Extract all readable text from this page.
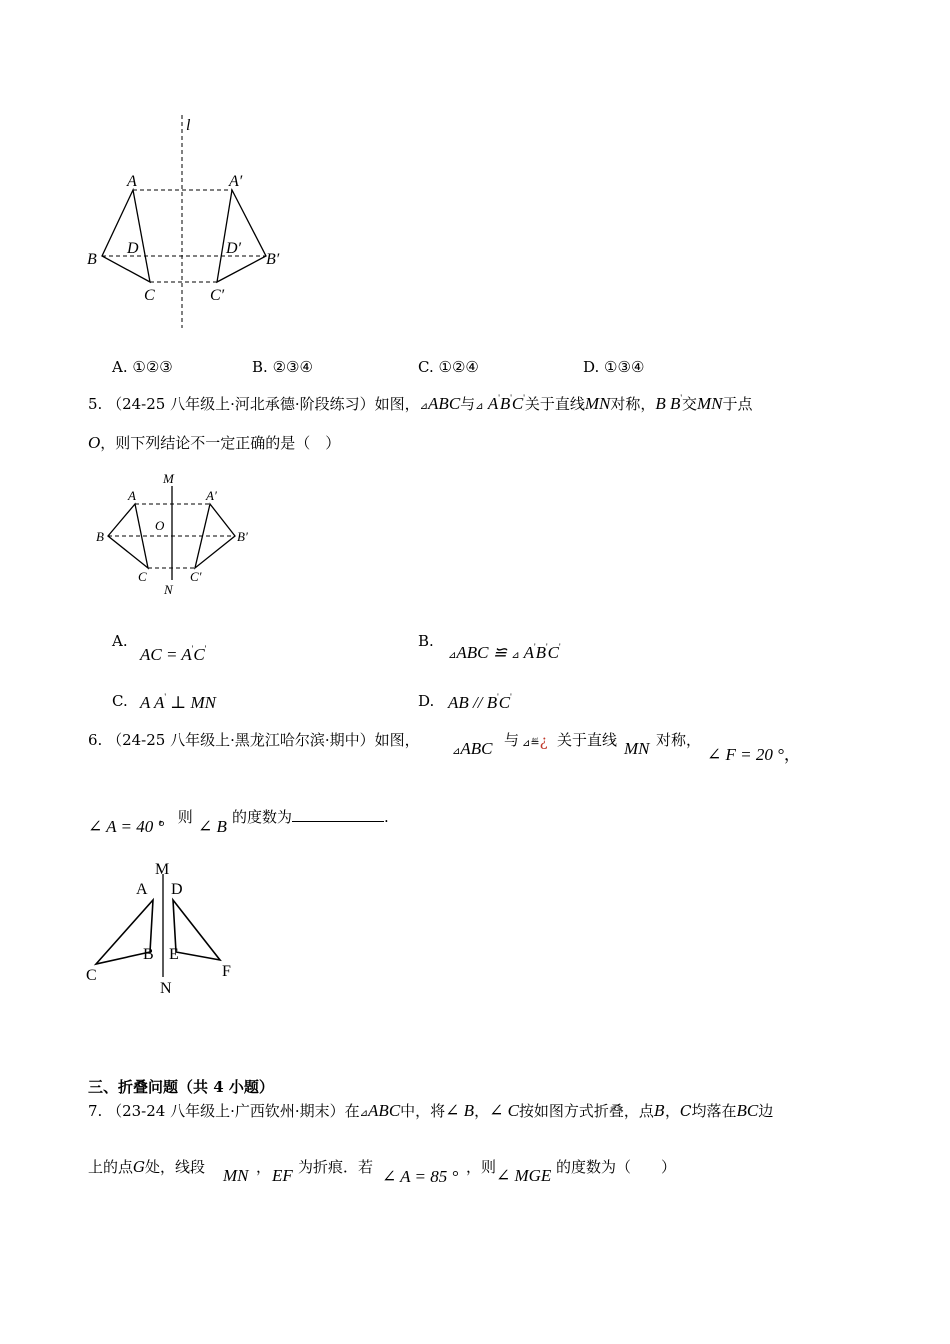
l
A	A′
D	D′
B	B′
C	C′
A. ①②③	B. ②③④	C. ①②④	D. ①③④
5. （24-25 八年级上·河北承德·阶段练习）如图，⊿ABC与⊿ A'B'C'关于直线MN对称，B B'交MN于点
O，则下列结论不一定正确的是（　）
M
A	A′
O
B	B′
C	C′
N
A.
AC = A'C'	B.
⊿ABC ≌ ⊿ A'B'C'
C. A A' ⊥ MN	D. AB // B'C'
6. （24-25 八年级上·黑龙江哈尔滨·期中）如图，
⊿ABC 与 ⊿≝¿ 关于直线 MN 对称，
∠ F = 20 °，
∠ A = 40 °
， 则 ∠ B 的度数为	.
M
A D
B E
C	F
N
三、折叠问题（共 4 小题）
7. （23-24 八年级上·广西钦州·期末）在⊿ABC中，将∠ B，∠ C按如图方式折叠，点B，C均落在BC边
上的点G处，线段 MN ， EF 为折痕．若 ∠ A = 85 ° ，则 ∠ MGE 的度数为（　　）
